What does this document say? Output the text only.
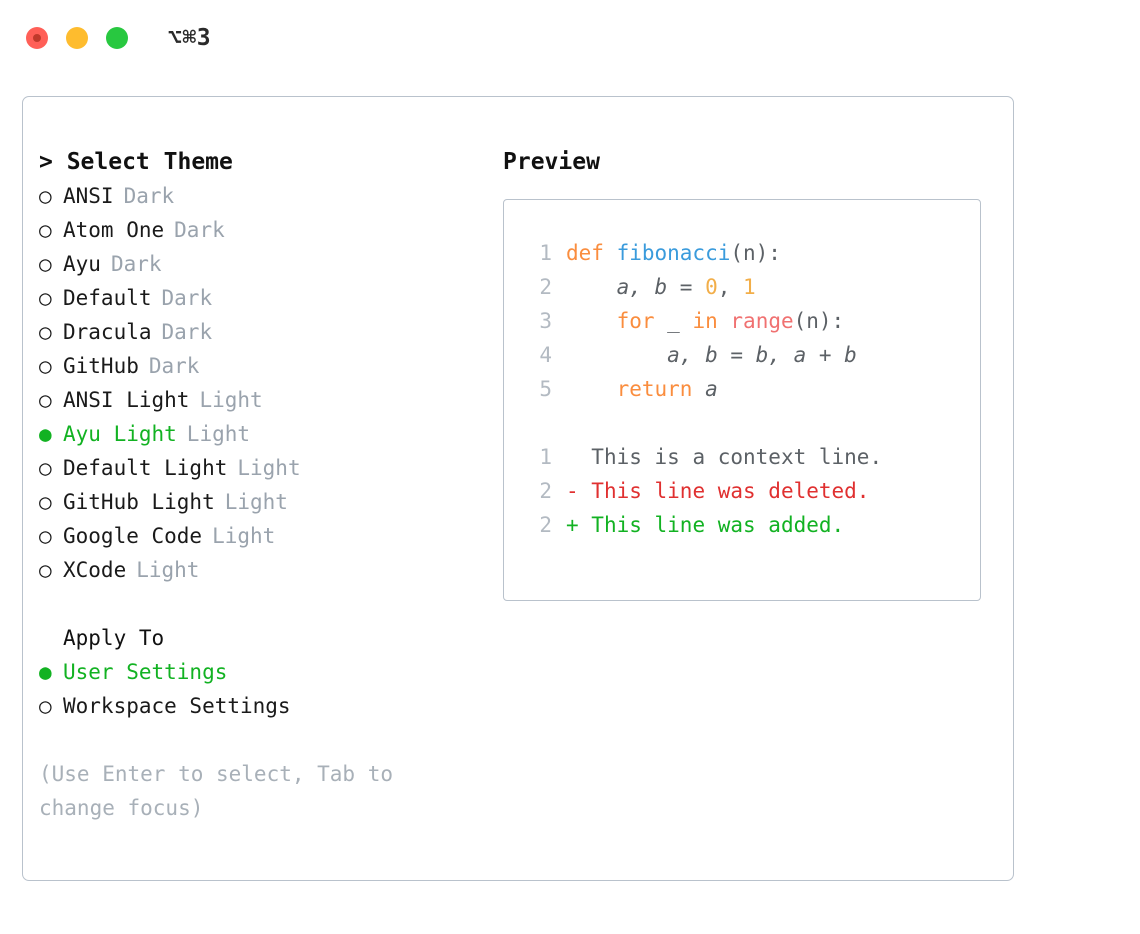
⌥⌘3
> Select Theme
○ ANSI Dark
○ Atom One Dark
○ Ayu Dark
○ Default Dark
○ Dracula Dark
○ GitHub Dark
○ ANSI Light Light
● Ayu Light Light
○ Default Light Light
○ GitHub Light Light
○ Google Code Light
○ XCode Light
Apply To
● User Settings
○ Workspace Settings
(Use Enter to select, Tab to change focus)
Preview
1 def fibonacci(n):
2    a, b = 0, 1
3	for _ in range(n):
4        a, b = b, a + b
5	return a
1  This is a context line.
2 - This line was deleted.
2 + This line was added.
